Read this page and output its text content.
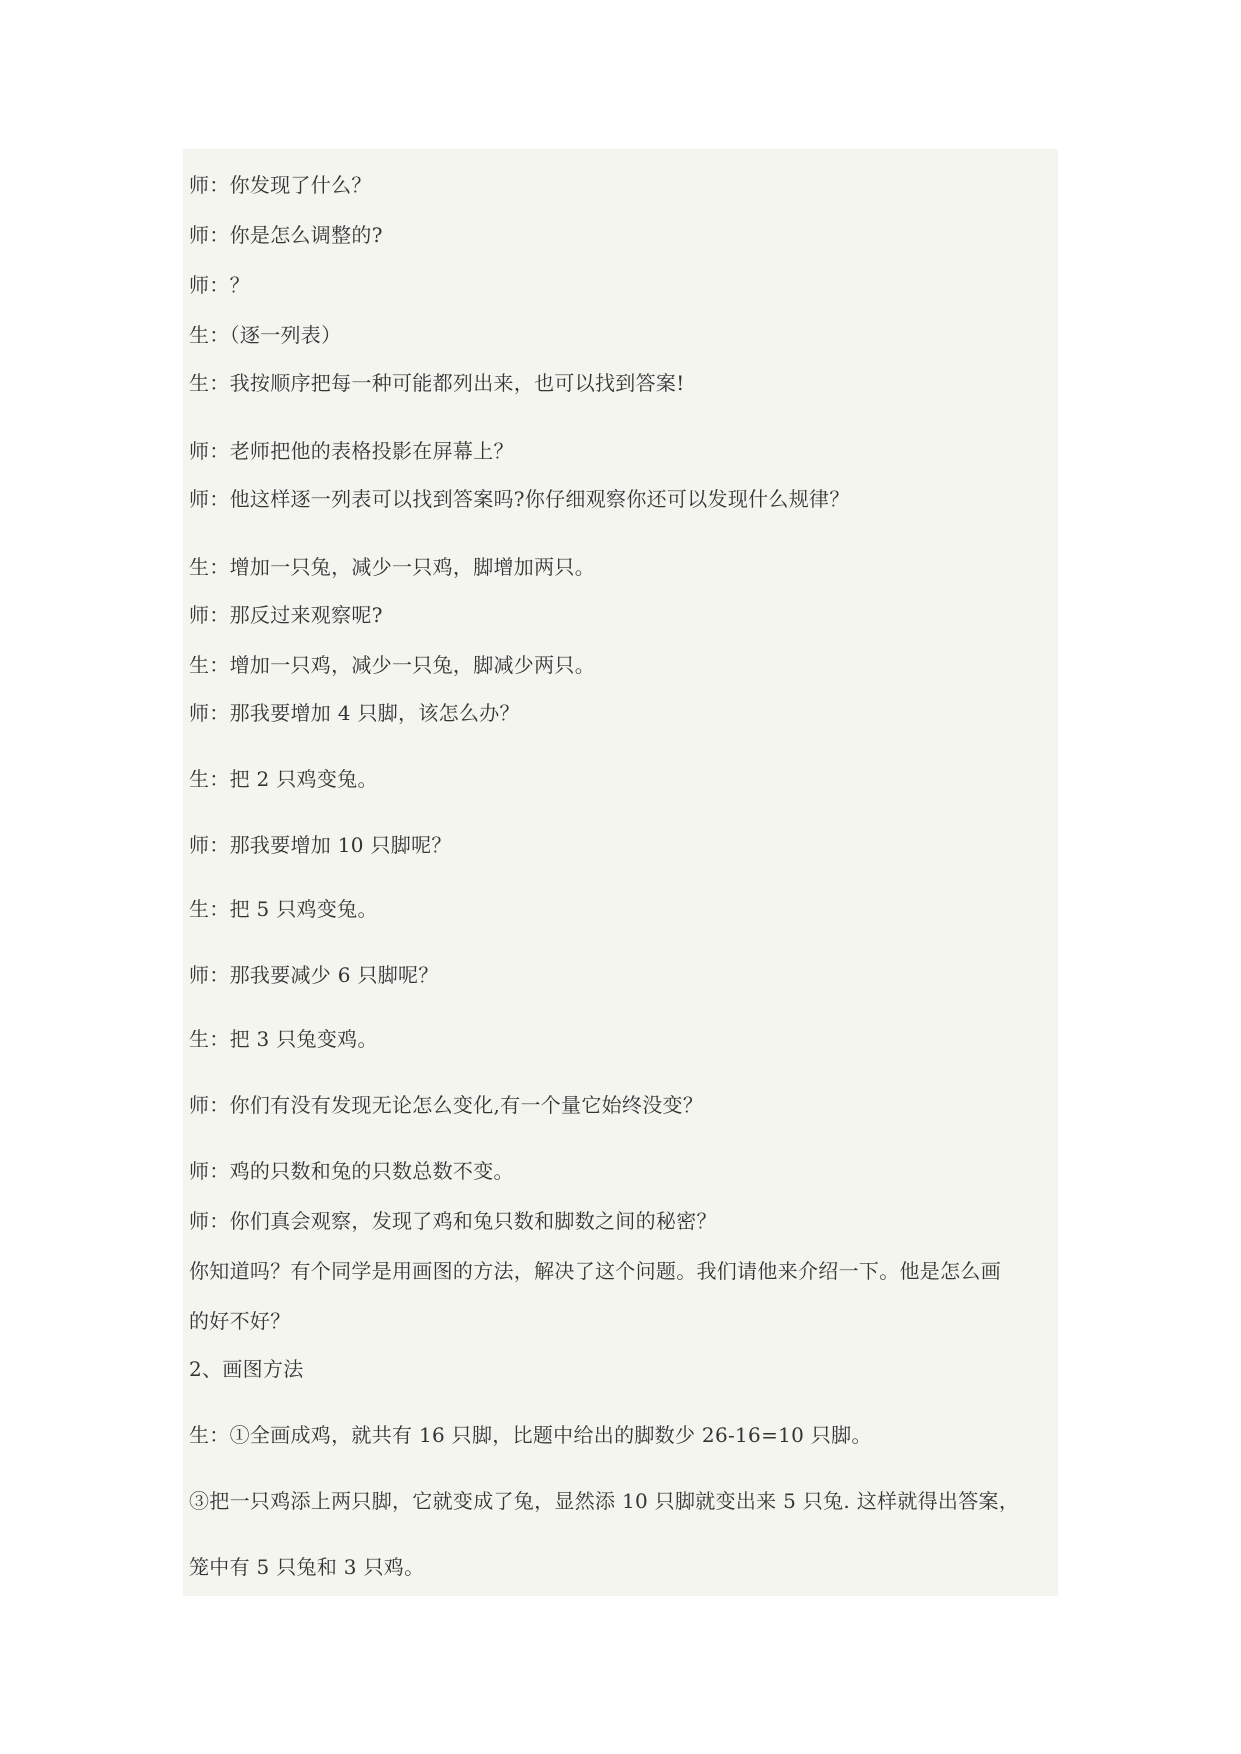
师：你发现了什么？

师：你是怎么调整的?

师：？

生：（逐一列表）

生：我按顺序把每一种可能都列出来，也可以找到答案!

师：老师把他的表格投影在屏幕上？

师：他这样逐一列表可以找到答案吗?你仔细观察你还可以发现什么规律？

生：增加一只兔，减少一只鸡，脚增加两只。

师：那反过来观察呢?

生：增加一只鸡，减少一只兔，脚减少两只。

师：那我要增加 4 只脚，该怎么办？

生：把 2 只鸡变兔。

师：那我要增加 10 只脚呢？

生：把 5 只鸡变兔。

师：那我要减少 6 只脚呢？

生：把 3 只兔变鸡。

师：你们有没有发现无论怎么变化,有一个量它始终没变？

师：鸡的只数和兔的只数总数不变。

师：你们真会观察，发现了鸡和兔只数和脚数之间的秘密？

你知道吗？有个同学是用画图的方法，解决了这个问题。我们请他来介绍一下。他是怎么画

的好不好？

2、画图方法

生：①全画成鸡，就共有 16 只脚，比题中给出的脚数少 26-16=10 只脚。

③把一只鸡添上两只脚，它就变成了兔，显然添 10 只脚就变出来 5 只兔. 这样就得出答案，

笼中有 5 只兔和 3 只鸡。
